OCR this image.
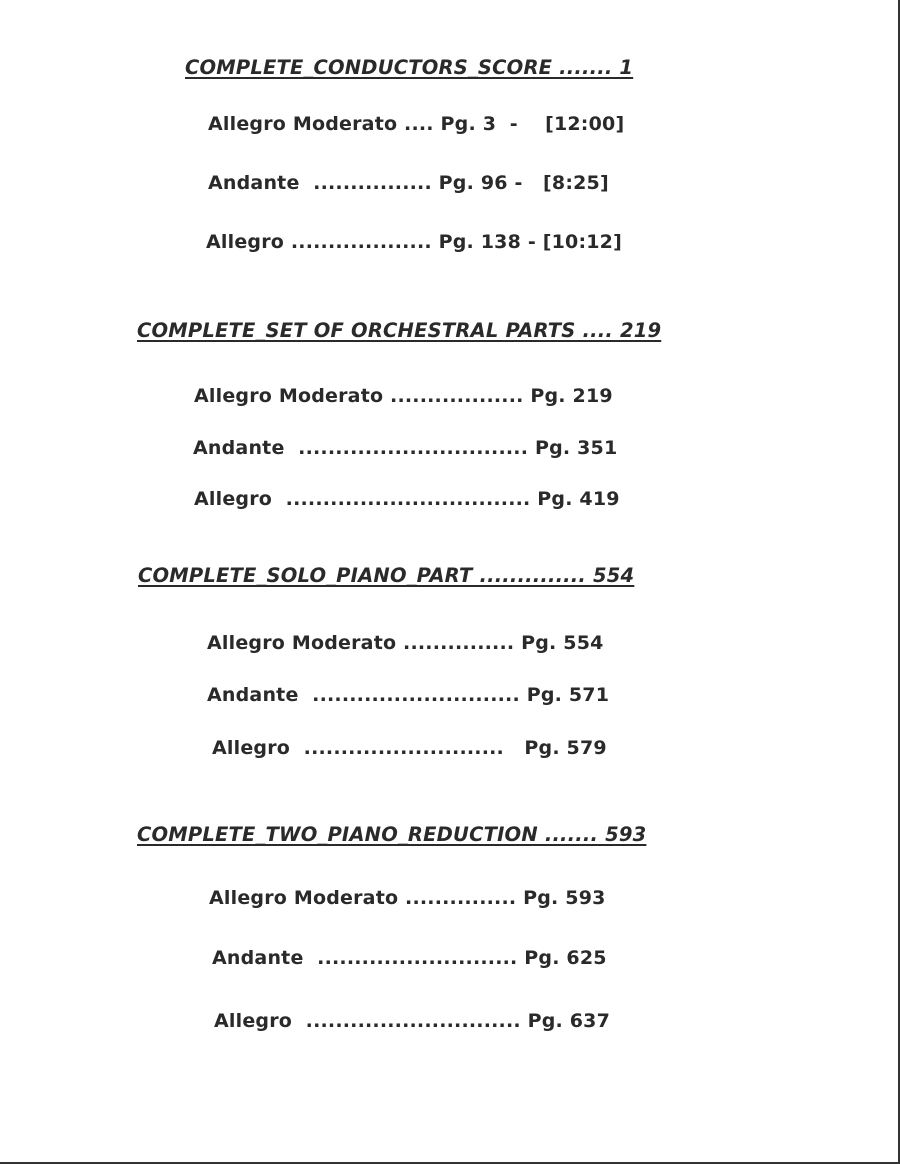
COMPLETE_CONDUCTORS_SCORE ....... 1
Allegro Moderato .... Pg. 3  -    [12:00]
Andante  ................ Pg. 96 -   [8:25]
Allegro ................... Pg. 138 - [10:12]
COMPLETE_SET OF ORCHESTRAL PARTS .... 219
Allegro Moderato .................. Pg. 219
Andante  ............................... Pg. 351
Allegro  ................................. Pg. 419
COMPLETE_SOLO_PIANO_PART .............. 554
Allegro Moderato ............... Pg. 554
Andante  ............................ Pg. 571
Allegro  ...........................   Pg. 579
COMPLETE_TWO_PIANO_REDUCTION ....... 593
Allegro Moderato ............... Pg. 593
Andante  ........................... Pg. 625
Allegro  ............................. Pg. 637
